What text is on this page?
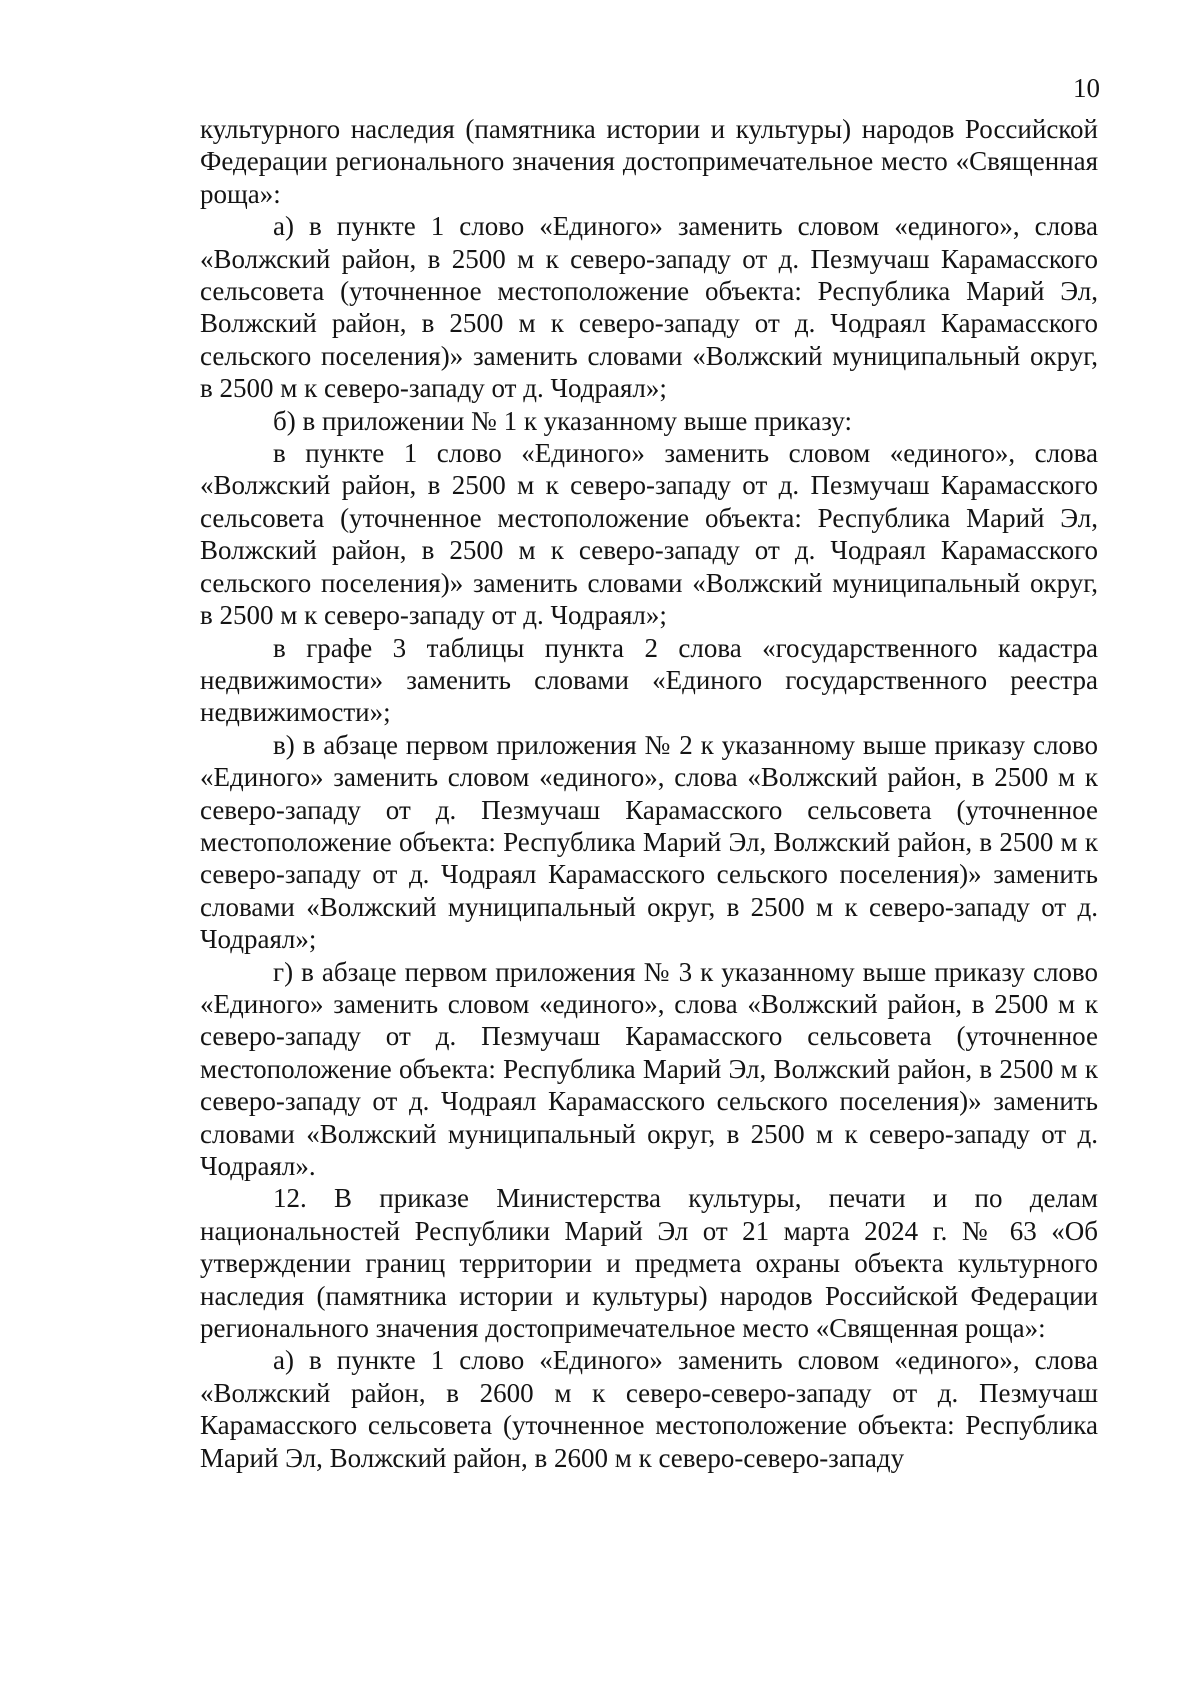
10

культурного наследия (памятника истории и культуры) народов Российской Федерации регионального значения достопримечательное место «Священная роща»:

а) в пункте 1 слово «Единого» заменить словом «единого», слова «Волжский район, в 2500 м к северо-западу от д. Пезмучаш Карамасского сельсовета (уточненное местоположение объекта: Республика Марий Эл, Волжский район, в 2500 м к северо-западу от д. Чодраял Карамасского сельского поселения)» заменить словами «Волжский муниципальный округ, в 2500 м к северо-западу от д. Чодраял»;

б) в приложении № 1 к указанному выше приказу:

в пункте 1 слово «Единого» заменить словом «единого», слова «Волжский район, в 2500 м к северо-западу от д. Пезмучаш Карамасского сельсовета (уточненное местоположение объекта: Республика Марий Эл, Волжский район, в 2500 м к северо-западу от д. Чодраял Карамасского сельского поселения)» заменить словами «Волжский муниципальный округ, в 2500 м к северо-западу от д. Чодраял»;

в графе 3 таблицы пункта 2 слова «государственного кадастра недвижимости» заменить словами «Единого государственного реестра недвижимости»;

в) в абзаце первом приложения № 2 к указанному выше приказу слово «Единого» заменить словом «единого», слова «Волжский район, в 2500 м к северо-западу от д. Пезмучаш Карамасского сельсовета (уточненное местоположение объекта: Республика Марий Эл, Волжский район, в 2500 м к северо-западу от д. Чодраял Карамасского сельского поселения)» заменить словами «Волжский муниципальный округ, в 2500 м к северо-западу от д. Чодраял»;

г) в абзаце первом приложения № 3 к указанному выше приказу слово «Единого» заменить словом «единого», слова «Волжский район, в 2500 м к северо-западу от д. Пезмучаш Карамасского сельсовета (уточненное местоположение объекта: Республика Марий Эл, Волжский район, в 2500 м к северо-западу от д. Чодраял Карамасского сельского поселения)» заменить словами «Волжский муниципальный округ, в 2500 м к северо-западу от д. Чодраял».

12. В приказе Министерства культуры, печати и по делам национальностей Республики Марий Эл от 21 марта 2024 г. № 63 «Об утверждении границ территории и предмета охраны объекта культурного наследия (памятника истории и культуры) народов Российской Федерации регионального значения достопримечательное место «Священная роща»:

а) в пункте 1 слово «Единого» заменить словом «единого», слова «Волжский район, в 2600 м к северо-северо-западу от д. Пезмучаш Карамасского сельсовета (уточненное местоположение объекта: Республика Марий Эл, Волжский район, в 2600 м к северо-северо-западу
